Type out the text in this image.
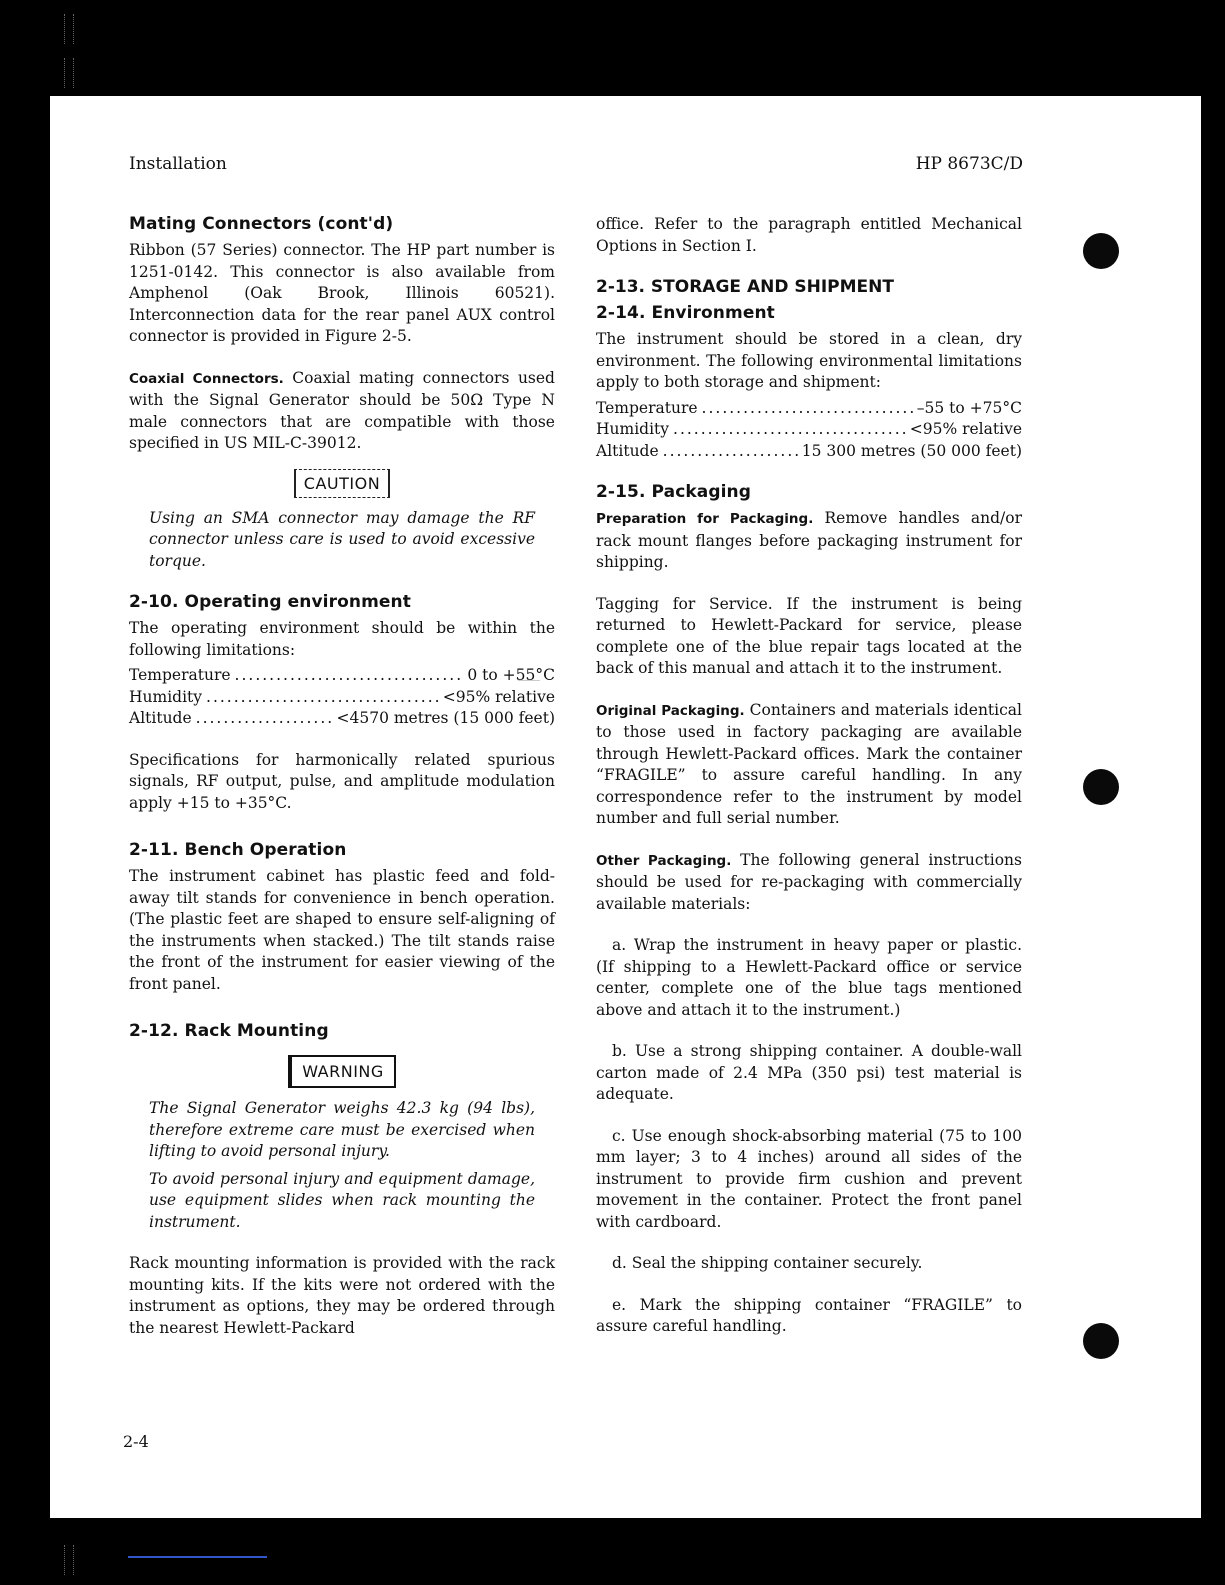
Installation	HP 8673C/D
Mating Connectors (cont'd)

Ribbon (57 Series) connector. The HP part number is 1251-0142. This connector is also available from Amphenol (Oak Brook, Illinois 60521). Interconnection data for the rear panel AUX control connector is provided in Figure 2-5.

Coaxial Connectors. Coaxial mating connectors used with the Signal Generator should be 50Ω Type N male connectors that are compatible with those specified in US MIL-C-39012.

CAUTION

Using an SMA connector may damage the RF connector unless care is used to avoid excessive torque.

2-10. Operating environment

The operating environment should be within the following limitations:

Temperature .....	0 to +55°C
Humidity .....	<95% relative
Altitude .....	<4570 metres (15 000 feet)

Specifications for harmonically related spurious signals, RF output, pulse, and amplitude modulation apply +15 to +35°C.

2-11. Bench Operation

The instrument cabinet has plastic feed and fold-away tilt stands for convenience in bench operation. (The plastic feet are shaped to ensure self-aligning of the instruments when stacked.) The tilt stands raise the front of the instrument for easier viewing of the front panel.

2-12. Rack Mounting
WARNING

The Signal Generator weighs 42.3 kg (94 lbs), therefore extreme care must be exercised when lifting to avoid personal injury.

To avoid personal injury and equipment damage, use equipment slides when rack mounting the instrument.

Rack mounting information is provided with the rack mounting kits. If the kits were not ordered with the instrument as options, they may be ordered through the nearest Hewlett-Packard

office. Refer to the paragraph entitled Mechanical Options in Section I.

2-13. STORAGE AND SHIPMENT
2-14. Environment

The instrument should be stored in a clean, dry environment. The following environmental limitations apply to both storage and shipment:

Temperature .....	–55 to +75°C
Humidity .....	<95% relative
Altitude .....	15 300 metres (50 000 feet)
2-15. Packaging

Preparation for Packaging. Remove handles and/or rack mount flanges before packaging instrument for shipping.

Tagging for Service. If the instrument is being returned to Hewlett-Packard for service, please complete one of the blue repair tags located at the back of this manual and attach it to the instrument.

Original Packaging. Containers and materials identical to those used in factory packaging are available through Hewlett-Packard offices. Mark the container “FRAGILE” to assure careful handling. In any correspondence refer to the instrument by model number and full serial number.

Other Packaging. The following general instructions should be used for re-packaging with commercially available materials:

a. Wrap the instrument in heavy paper or plastic. (If shipping to a Hewlett-Packard office or service center, complete one of the blue tags mentioned above and attach it to the instrument.)

b. Use a strong shipping container. A double-wall carton made of 2.4 MPa (350 psi) test material is adequate.

c. Use enough shock-absorbing material (75 to 100 mm layer; 3 to 4 inches) around all sides of the instrument to provide firm cushion and prevent movement in the container. Protect the front panel with cardboard.

d. Seal the shipping container securely.

e. Mark the shipping container “FRAGILE” to assure careful handling.

2-4
